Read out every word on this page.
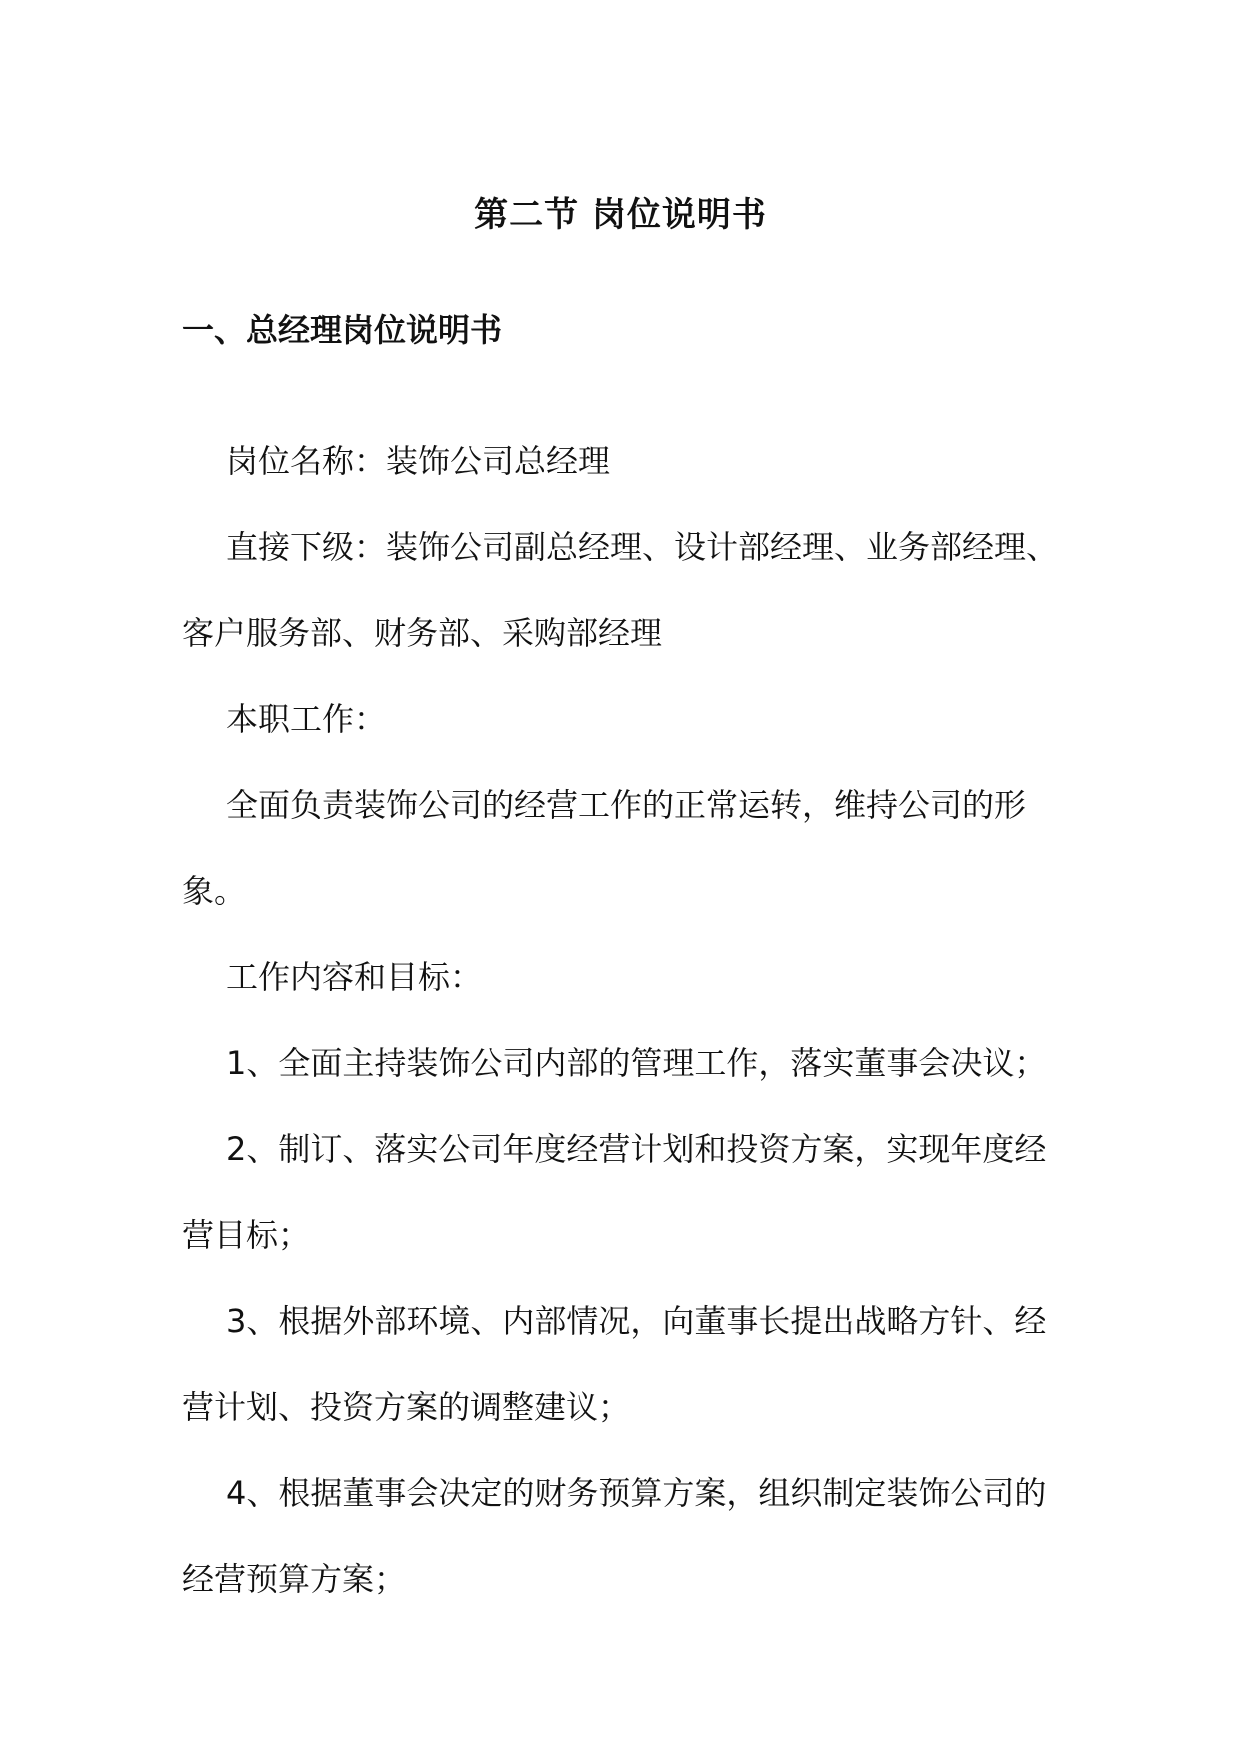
第二节 岗位说明书
一、总经理岗位说明书

岗位名称：装饰公司总经理

直接下级：装饰公司副总经理、设计部经理、业务部经理、客户服务部、财务部、采购部经理

本职工作：

全面负责装饰公司的经营工作的正常运转，维持公司的形象。

工作内容和目标：

1、全面主持装饰公司内部的管理工作，落实董事会决议；

2、制订、落实公司年度经营计划和投资方案，实现年度经营目标；

3、根据外部环境、内部情况，向董事长提出战略方针、经营计划、投资方案的调整建议；

4、根据董事会决定的财务预算方案，组织制定装饰公司的经营预算方案；
